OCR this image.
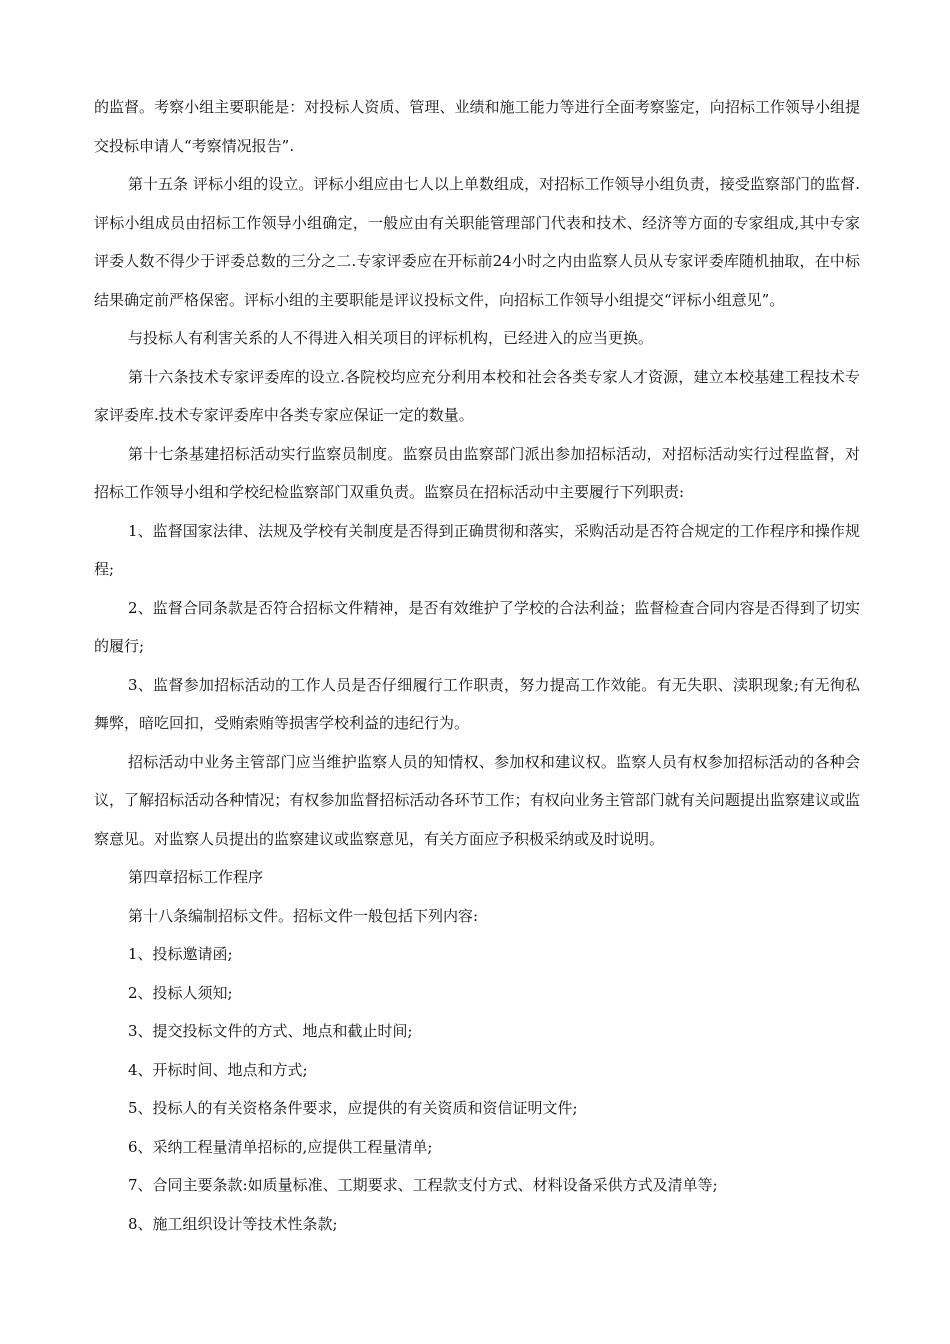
的监督。考察小组主要职能是：对投标人资质、管理、业绩和施工能力等进行全面考察鉴定，向招标工作领导小组提交投标申请人“考察情况报告”.

第十五条 评标小组的设立。评标小组应由七人以上单数组成，对招标工作领导小组负责，接受监察部门的监督.评标小组成员由招标工作领导小组确定，一般应由有关职能管理部门代表和技术、经济等方面的专家组成,其中专家评委人数不得少于评委总数的三分之二.专家评委应在开标前24小时之内由监察人员从专家评委库随机抽取，在中标结果确定前严格保密。评标小组的主要职能是评议投标文件，向招标工作领导小组提交“评标小组意见”。

与投标人有利害关系的人不得进入相关项目的评标机构，已经进入的应当更换。

第十六条技术专家评委库的设立.各院校均应充分利用本校和社会各类专家人才资源，建立本校基建工程技术专家评委库.技术专家评委库中各类专家应保证一定的数量。

第十七条基建招标活动实行监察员制度。监察员由监察部门派出参加招标活动，对招标活动实行过程监督，对招标工作领导小组和学校纪检监察部门双重负责。监察员在招标活动中主要履行下列职责:

1、监督国家法律、法规及学校有关制度是否得到正确贯彻和落实，采购活动是否符合规定的工作程序和操作规程;

2、监督合同条款是否符合招标文件精神，是否有效维护了学校的合法利益；监督检查合同内容是否得到了切实的履行;

3、监督参加招标活动的工作人员是否仔细履行工作职责，努力提高工作效能。有无失职、渎职现象;有无徇私舞弊，暗吃回扣，受贿索贿等损害学校利益的违纪行为。

招标活动中业务主管部门应当维护监察人员的知情权、参加权和建议权。监察人员有权参加招标活动的各种会议，了解招标活动各种情况；有权参加监督招标活动各环节工作；有权向业务主管部门就有关问题提出监察建议或监察意见。对监察人员提出的监察建议或监察意见，有关方面应予积极采纳或及时说明。

第四章招标工作程序

第十八条编制招标文件。招标文件一般包括下列内容:

1、投标邀请函;

2、投标人须知;

3、提交投标文件的方式、地点和截止时间;

4、开标时间、地点和方式;

5、投标人的有关资格条件要求，应提供的有关资质和资信证明文件;

6、采纳工程量清单招标的,应提供工程量清单;

7、合同主要条款:如质量标准、工期要求、工程款支付方式、材料设备采供方式及清单等;

8、施工组织设计等技术性条款;
